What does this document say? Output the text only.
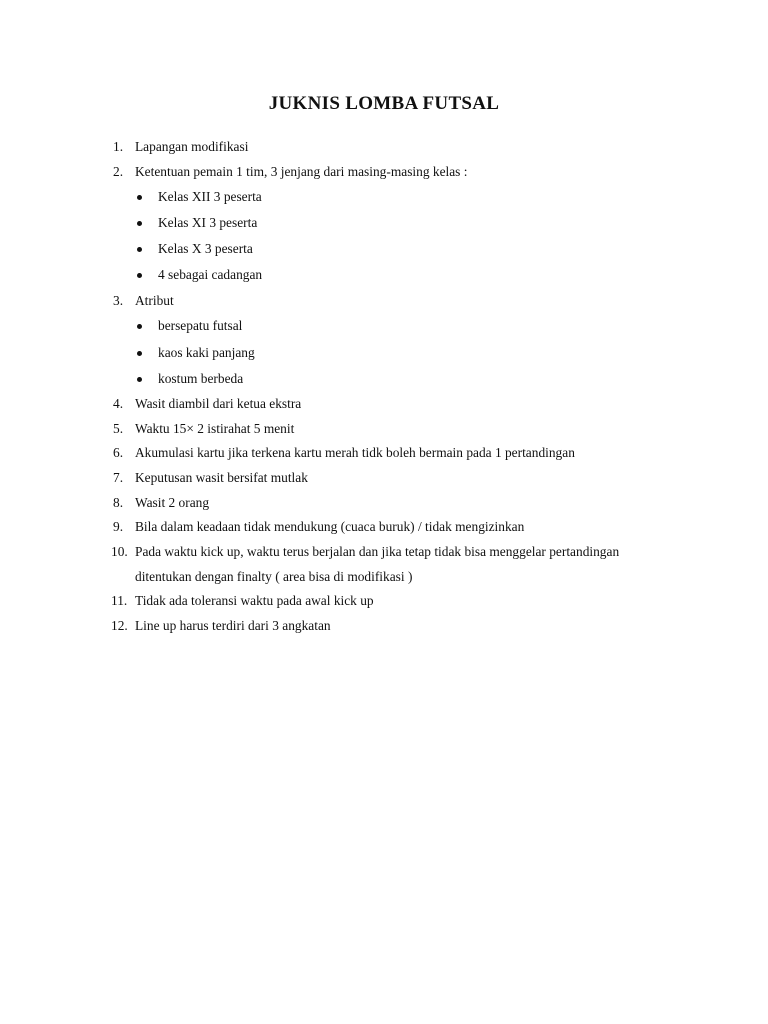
JUKNIS LOMBA FUTSAL
1. Lapangan modifikasi
2. Ketentuan pemain 1 tim, 3 jenjang dari masing-masing kelas :
Kelas XII 3 peserta
Kelas XI 3 peserta
Kelas X 3 peserta
4 sebagai cadangan
3. Atribut
bersepatu futsal
kaos kaki panjang
kostum berbeda
4. Wasit diambil dari ketua ekstra
5. Waktu 15× 2 istirahat 5 menit
6. Akumulasi kartu jika terkena kartu merah tidk boleh bermain pada 1 pertandingan
7. Keputusan wasit bersifat mutlak
8. Wasit 2 orang
9. Bila dalam keadaan tidak mendukung (cuaca buruk) / tidak mengizinkan
10. Pada waktu kick up, waktu terus berjalan dan jika tetap tidak bisa menggelar pertandingan
ditentukan dengan finalty ( area bisa di modifikasi )
11. Tidak ada toleransi waktu pada awal kick up
12. Line up harus terdiri dari 3 angkatan
